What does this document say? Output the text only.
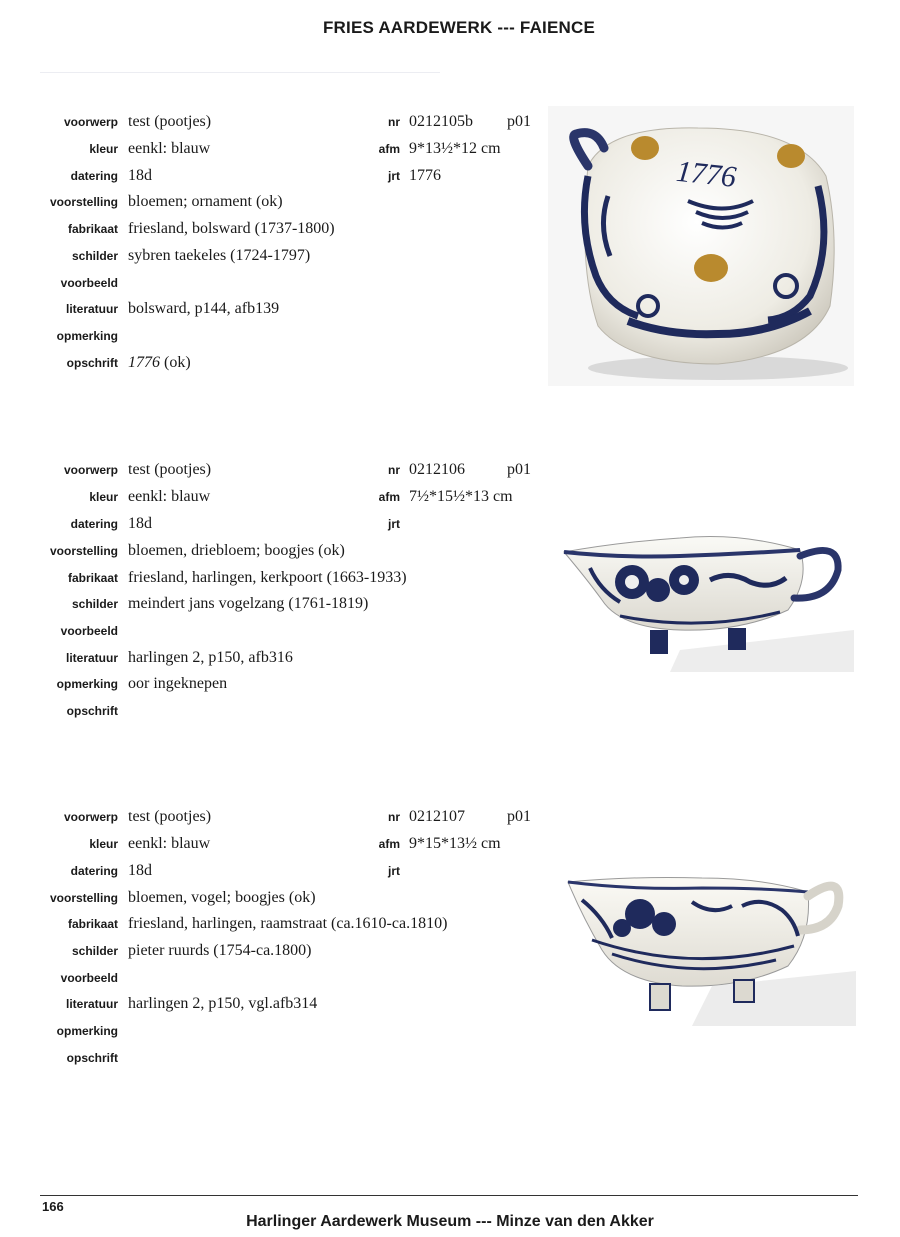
FRIES AARDEWERK --- FAIENCE
voorwerp test (pootjes)	nr 0212105b p01
kleur eenkl: blauw	afm 9*13½*12 cm
datering 18d	jrt 1776
voorstelling bloemen; ornament (ok)
fabrikaat friesland, bolsward (1737-1800)
schilder sybren taekeles (1724-1797)
voorbeeld
literatuur bolsward, p144, afb139
opmerking
opschrift 1776 (ok)
1776
voorwerp test (pootjes)	nr 0212106	p01
kleur eenkl: blauw	afm 7½*15½*13 cm
datering 18d	jrt
voorstelling bloemen, driebloem; boogjes (ok)
fabrikaat friesland, harlingen, kerkpoort (1663-1933)
schilder meindert jans vogelzang (1761-1819)
voorbeeld
literatuur harlingen 2, p150, afb316
opmerking oor ingeknepen
opschrift
voorwerp test (pootjes)	nr 0212107	p01
kleur eenkl: blauw	afm 9*15*13½ cm
datering 18d	jrt
voorstelling bloemen, vogel; boogjes (ok)
fabrikaat friesland, harlingen, raamstraat (ca.1610-ca.1810)
schilder pieter ruurds (1754-ca.1800)
voorbeeld
literatuur harlingen 2, p150, vgl.afb314
opmerking
opschrift
166
Harlinger Aardewerk Museum --- Minze van den Akker
